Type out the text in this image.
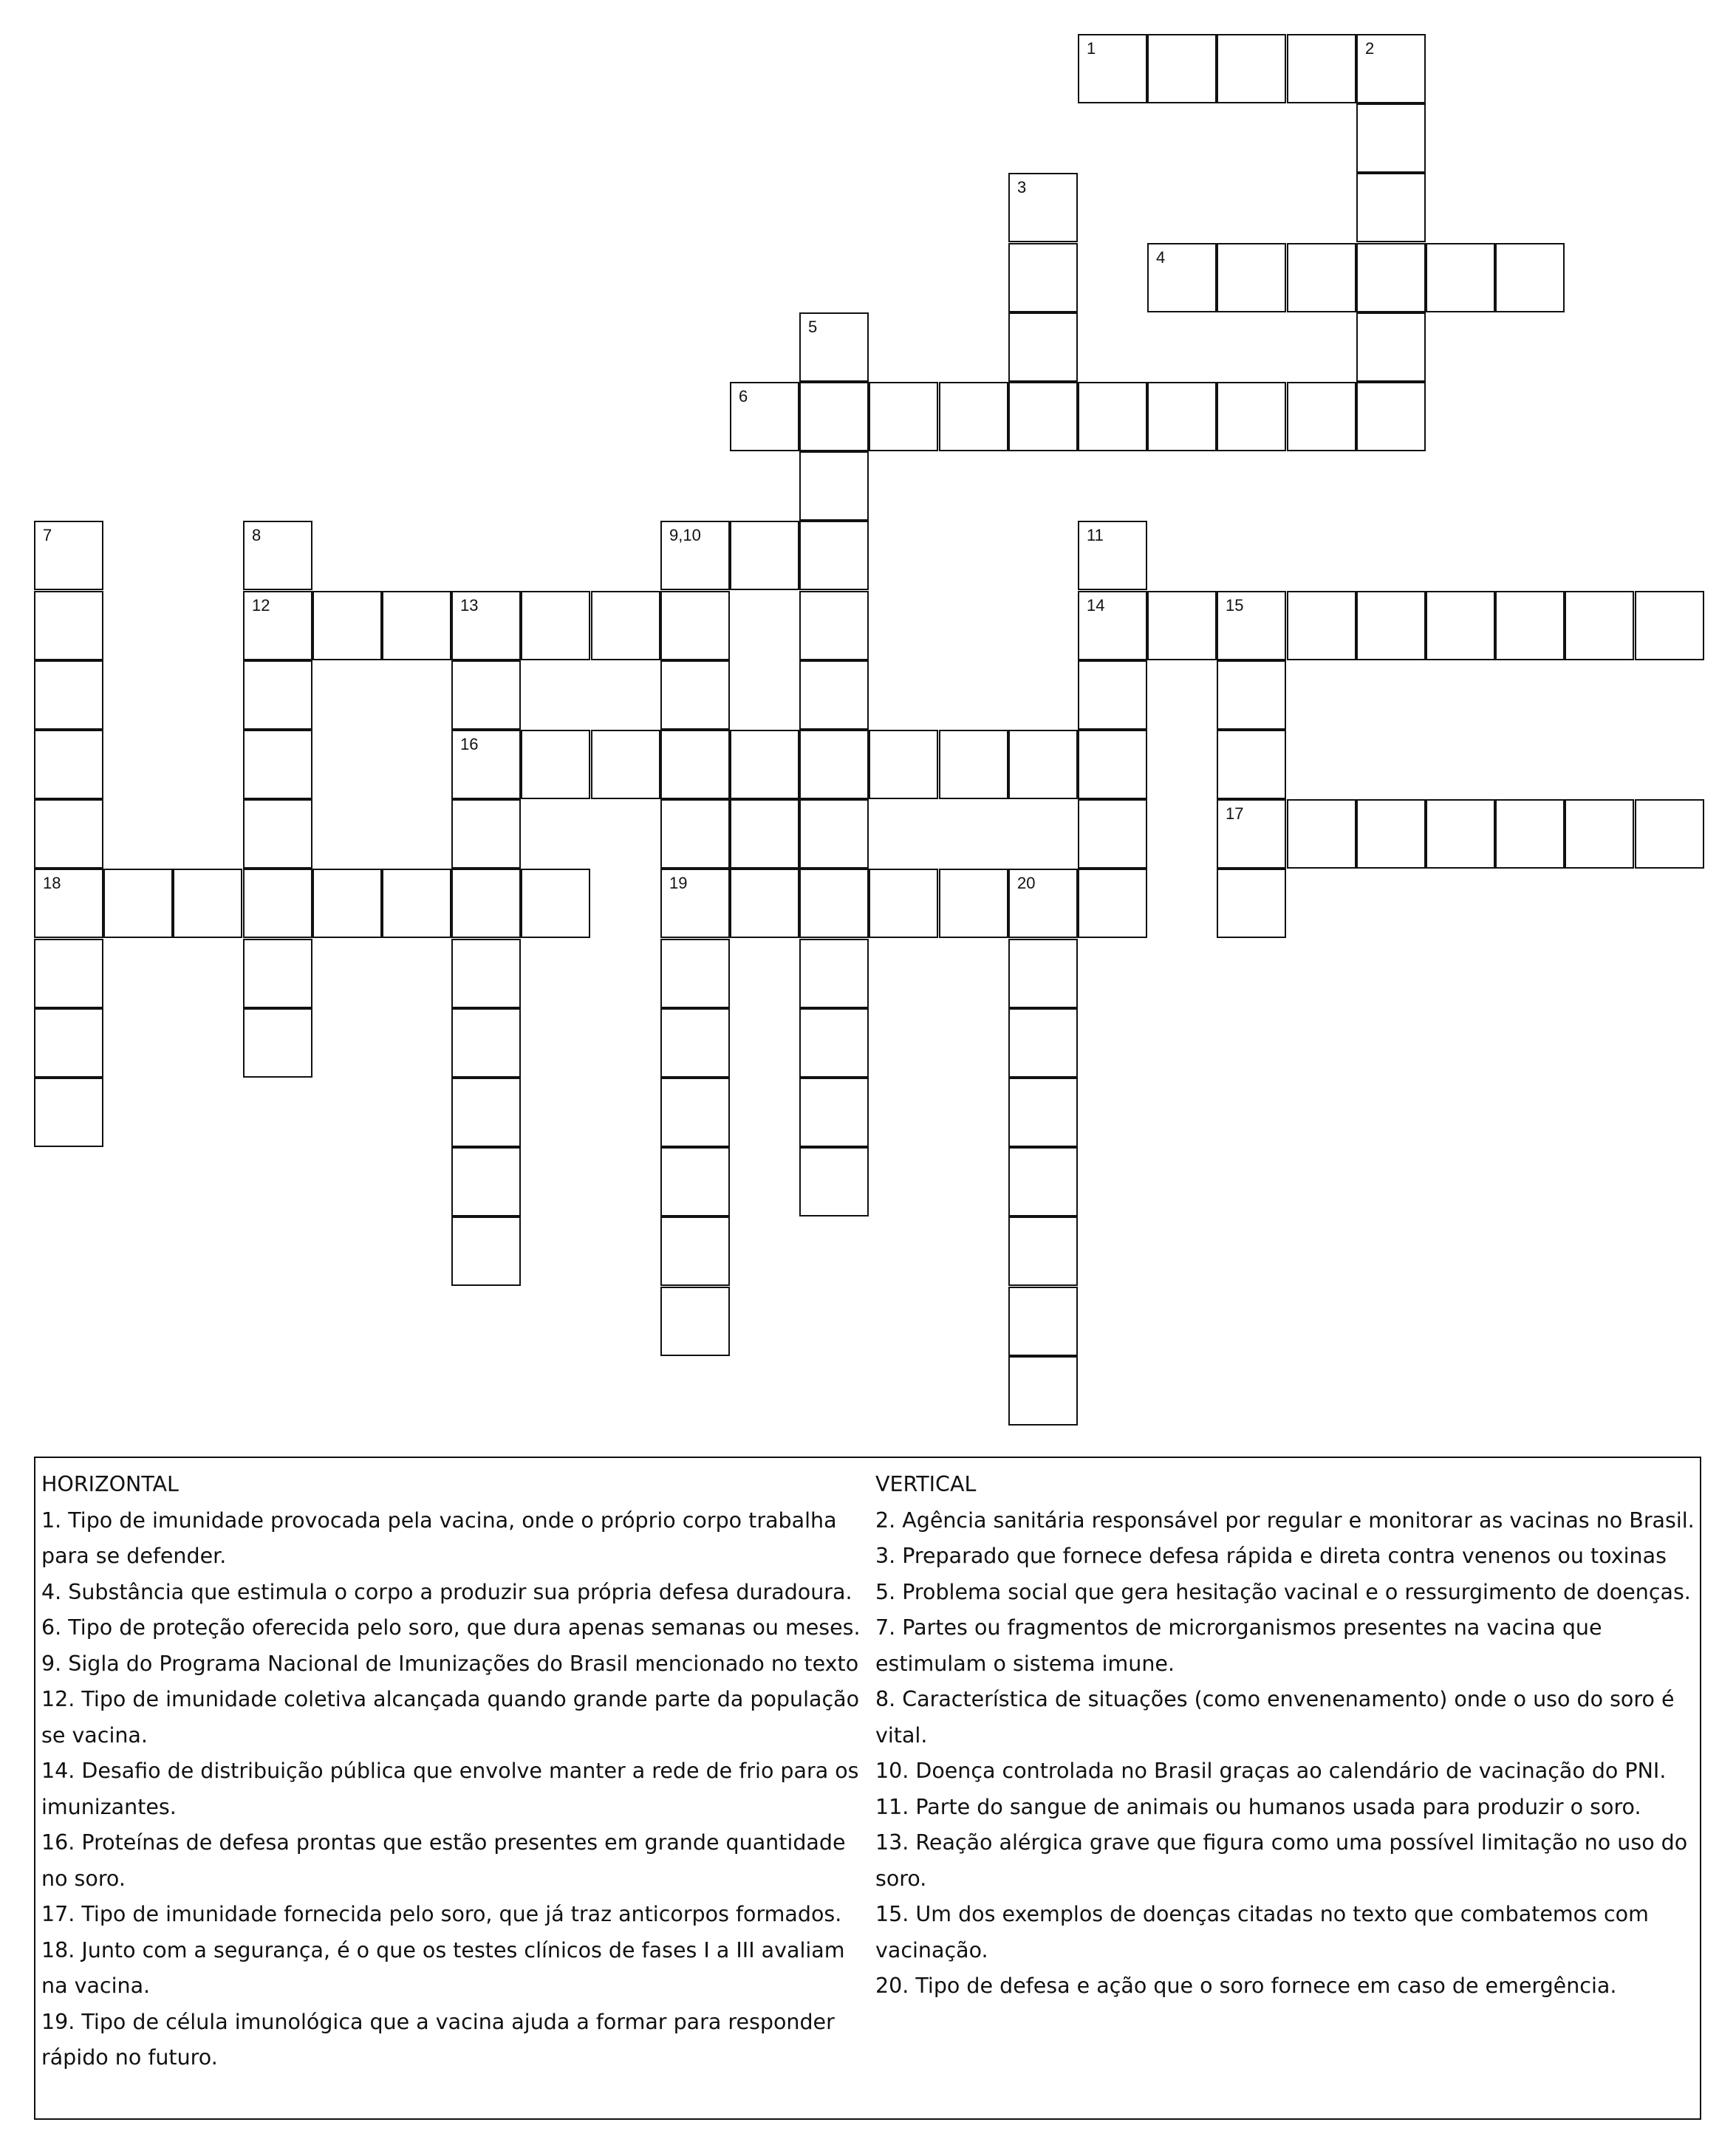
1	2
3
4
5
6
7	8	9,10	11
12	13	14	15
16
17
18	19	20
HORIZONTAL
1. Tipo de imunidade provocada pela vacina, onde o próprio corpo trabalha para se defender.
4. Substância que estimula o corpo a produzir sua própria defesa duradoura.
6. Tipo de proteção oferecida pelo soro, que dura apenas semanas ou meses.
9. Sigla do Programa Nacional de Imunizações do Brasil mencionado no texto
12. Tipo de imunidade coletiva alcançada quando grande parte da população se vacina.
14. Desafio de distribuição pública que envolve manter a rede de frio para os imunizantes.
16. Proteínas de defesa prontas que estão presentes em grande quantidade no soro.
17. Tipo de imunidade fornecida pelo soro, que já traz anticorpos formados.
18. Junto com a segurança, é o que os testes clínicos de fases I a III avaliam na vacina.
19. Tipo de célula imunológica que a vacina ajuda a formar para responder rápido no futuro.
VERTICAL
2. Agência sanitária responsável por regular e monitorar as vacinas no Brasil.
3. Preparado que fornece defesa rápida e direta contra venenos ou toxinas
5. Problema social que gera hesitação vacinal e o ressurgimento de doenças.
7. Partes ou fragmentos de microrganismos presentes na vacina que estimulam o sistema imune.
8. Característica de situações (como envenenamento) onde o uso do soro é vital.
10. Doença controlada no Brasil graças ao calendário de vacinação do PNI.
11. Parte do sangue de animais ou humanos usada para produzir o soro.
13. Reação alérgica grave que figura como uma possível limitação no uso do soro.
15. Um dos exemplos de doenças citadas no texto que combatemos com vacinação.
20. Tipo de defesa e ação que o soro fornece em caso de emergência.
